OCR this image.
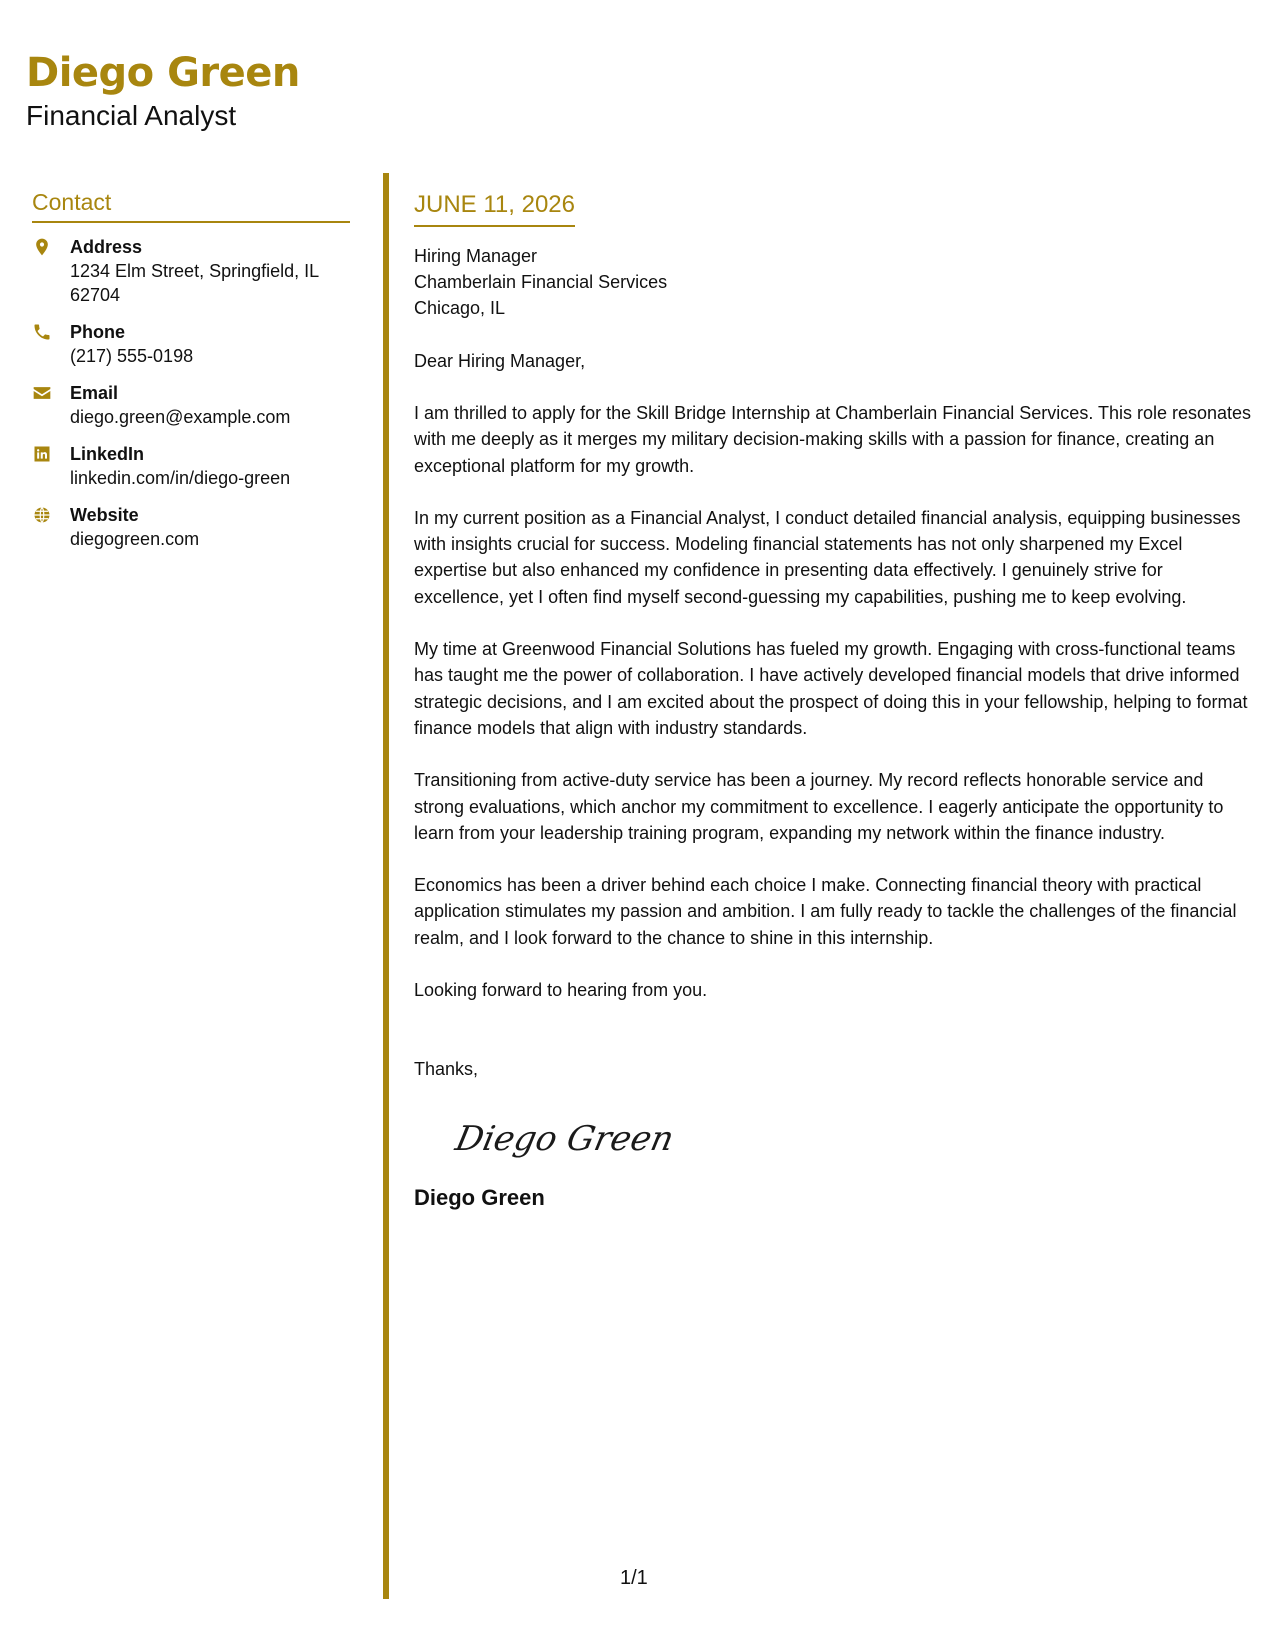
Diego Green
Financial Analyst
Contact
Address
1234 Elm Street, Springfield, IL 62704
Phone
(217) 555-0198
Email
diego.green@example.com
LinkedIn
linkedin.com/in/diego-green
Website
diegogreen.com
JUNE 11, 2026
Hiring Manager
Chamberlain Financial Services
Chicago, IL
Dear Hiring Manager,

I am thrilled to apply for the Skill Bridge Internship at Chamberlain Financial Services. This role resonates with me deeply as it merges my military decision-making skills with a passion for finance, creating an exceptional platform for my growth.

In my current position as a Financial Analyst, I conduct detailed financial analysis, equipping businesses with insights crucial for success. Modeling financial statements has not only sharpened my Excel expertise but also enhanced my confidence in presenting data effectively. I genuinely strive for excellence, yet I often find myself second-guessing my capabilities, pushing me to keep evolving.

My time at Greenwood Financial Solutions has fueled my growth. Engaging with cross-functional teams has taught me the power of collaboration. I have actively developed financial models that drive informed strategic decisions, and I am excited about the prospect of doing this in your fellowship, helping to format finance models that align with industry standards.

Transitioning from active-duty service has been a journey. My record reflects honorable service and strong evaluations, which anchor my commitment to excellence. I eagerly anticipate the opportunity to learn from your leadership training program, expanding my network within the finance industry.

Economics has been a driver behind each choice I make. Connecting financial theory with practical application stimulates my passion and ambition. I am fully ready to tackle the challenges of the financial realm, and I look forward to the chance to shine in this internship.

Looking forward to hearing from you.

Thanks,
Diego Green
Diego Green
1/1
